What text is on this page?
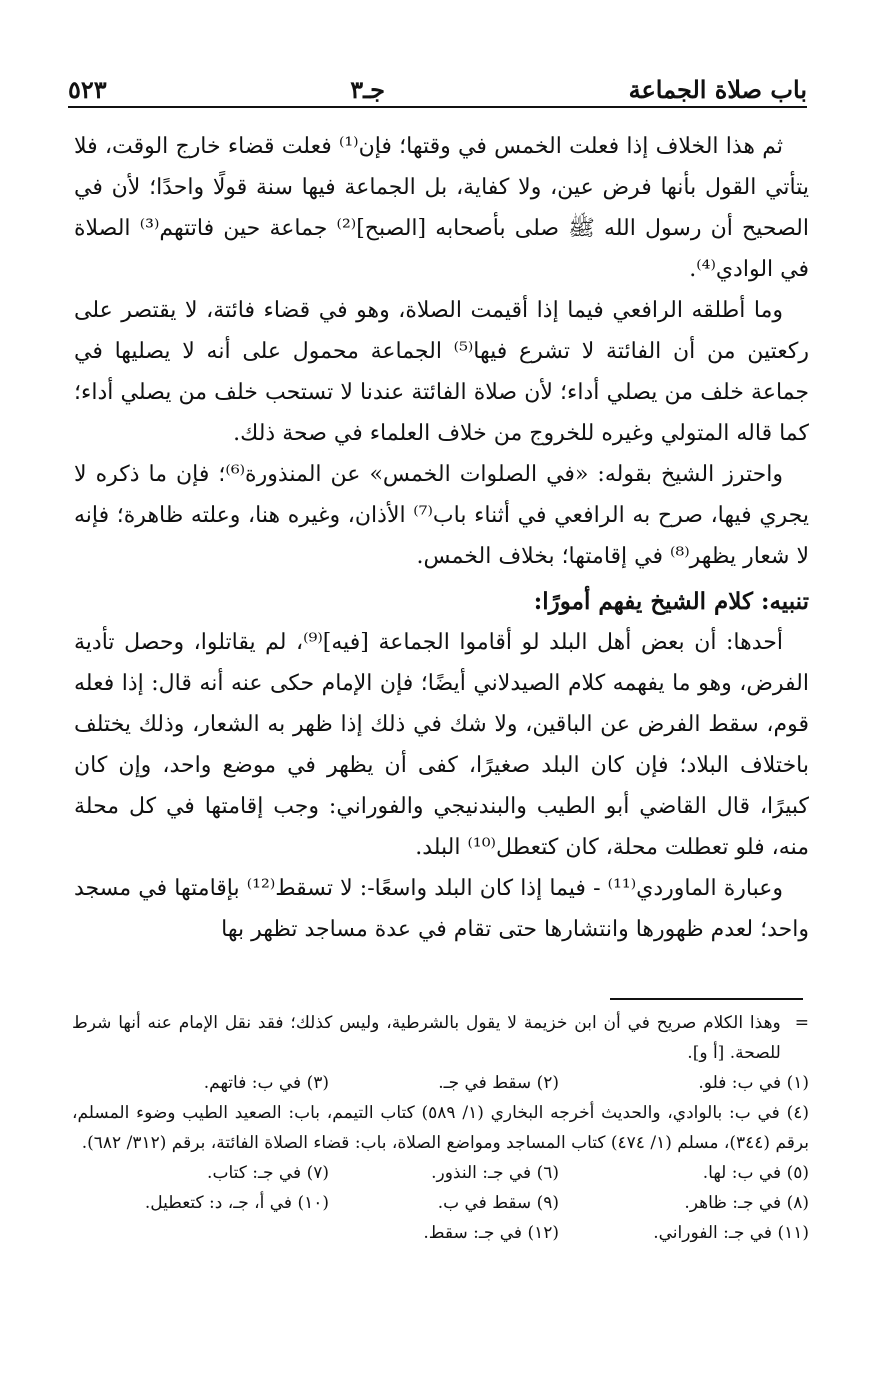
باب صلاة الجماعة
جـ٣
٥٢٣

ثم هذا الخلاف إذا فعلت الخمس في وقتها؛ فإن⁽¹⁾ فعلت قضاء خارج الوقت، فلا يتأتي القول بأنها فرض عين، ولا كفاية، بل الجماعة فيها سنة قولًا واحدًا؛ لأن في الصحيح أن رسول الله ﷺ صلى بأصحابه [الصبح]⁽²⁾ جماعة حين فاتتهم⁽³⁾ الصلاة في الوادي⁽⁴⁾.

وما أطلقه الرافعي فيما إذا أقيمت الصلاة، وهو في قضاء فائتة، لا يقتصر على ركعتين من أن الفائتة لا تشرع فيها⁽⁵⁾ الجماعة محمول على أنه لا يصليها في جماعة خلف من يصلي أداء؛ لأن صلاة الفائتة عندنا لا تستحب خلف من يصلي أداء؛ كما قاله المتولي وغيره للخروج من خلاف العلماء في صحة ذلك.

واحترز الشيخ بقوله: «في الصلوات الخمس» عن المنذورة⁽⁶⁾؛ فإن ما ذكره لا يجري فيها، صرح به الرافعي في أثناء باب⁽⁷⁾ الأذان، وغيره هنا، وعلته ظاهرة؛ فإنه لا شعار يظهر⁽⁸⁾ في إقامتها؛ بخلاف الخمس.

تنبيه: كلام الشيخ يفهم أمورًا:

أحدها: أن بعض أهل البلد لو أقاموا الجماعة [فيه]⁽⁹⁾، لم يقاتلوا، وحصل تأدية الفرض، وهو ما يفهمه كلام الصيدلاني أيضًا؛ فإن الإمام حكى عنه أنه قال: إذا فعله قوم، سقط الفرض عن الباقين، ولا شك في ذلك إذا ظهر به الشعار، وذلك يختلف باختلاف البلاد؛ فإن كان البلد صغيرًا، كفى أن يظهر في موضع واحد، وإن كان كبيرًا، قال القاضي أبو الطيب والبندنيجي والفوراني: وجب إقامتها في كل محلة منه، فلو تعطلت محلة، كان كتعطل⁽¹⁰⁾ البلد.

وعبارة الماوردي⁽¹¹⁾ - فيما إذا كان البلد واسعًا-: لا تسقط⁽¹²⁾ بإقامتها في مسجد واحد؛ لعدم ظهورها وانتشارها حتى تقام في عدة مساجد تظهر بها

=
وهذا الكلام صريح في أن ابن خزيمة لا يقول بالشرطية، وليس كذلك؛ فقد نقل الإمام عنه أنها شرط للصحة. [أ و].
(١) في ب: فلو.
(٢) سقط في جـ.
(٣) في ب: فاتهم.
(٤) في ب: بالوادي، والحديث أخرجه البخاري (١/ ٥٨٩) كتاب التيمم، باب: الصعيد الطيب وضوء المسلم، برقم (٣٤٤)، مسلم (١/ ٤٧٤) كتاب المساجد ومواضع الصلاة، باب: قضاء الصلاة الفائتة، برقم (٣١٢/ ٦٨٢).
(٥) في ب: لها.
(٦) في جـ: النذور.
(٧) في جـ: كتاب.
(٨) في جـ: ظاهر.
(٩) سقط في ب.
(١٠) في أ، جـ، د: كتعطيل.
(١١) في جـ: الفوراني.
(١٢) في جـ: سقط.
